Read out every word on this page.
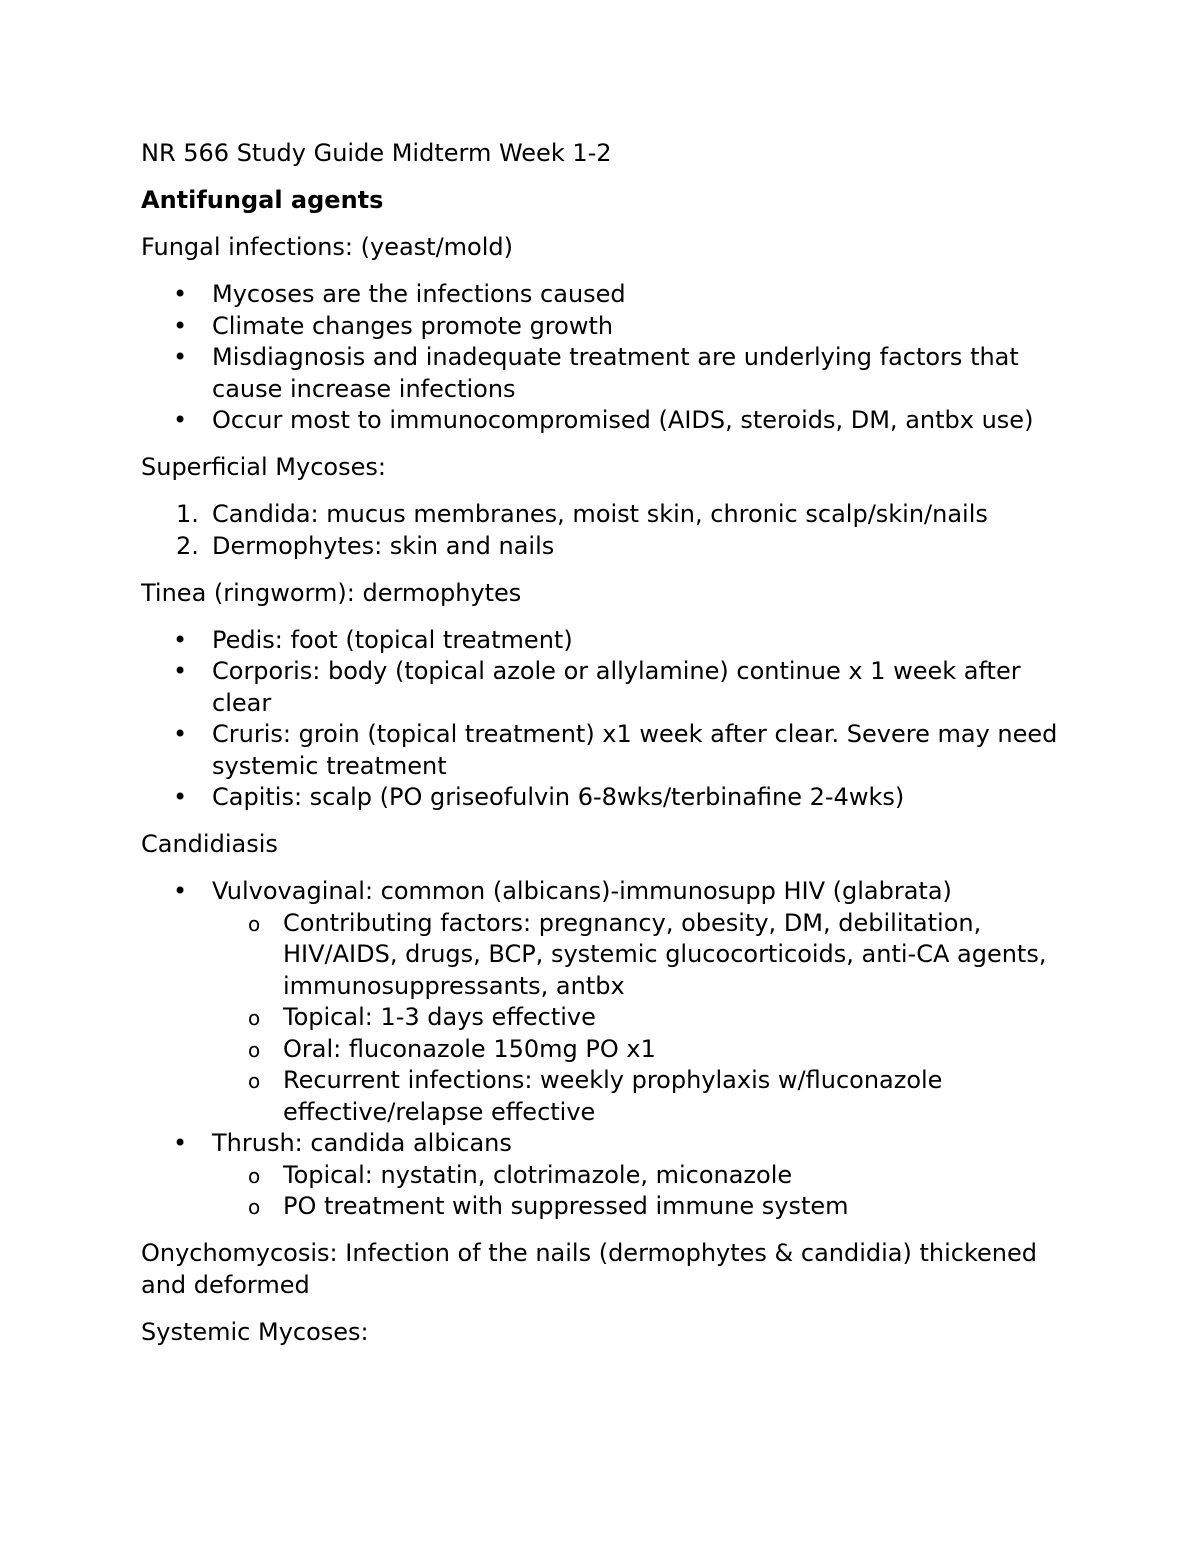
NR 566 Study Guide Midterm Week 1-2

Antifungal agents

Fungal infections: (yeast/mold)

• Mycoses are the infections caused
• Climate changes promote growth
• Misdiagnosis and inadequate treatment are underlying factors that cause increase infections
• Occur most to immunocompromised (AIDS, steroids, DM, antbx use)

Superficial Mycoses:

1. Candida: mucus membranes, moist skin, chronic scalp/skin/nails
2. Dermophytes: skin and nails

Tinea (ringworm): dermophytes

• Pedis: foot (topical treatment)
• Corporis: body (topical azole or allylamine) continue x 1 week after clear
• Cruris: groin (topical treatment) x1 week after clear. Severe may need systemic treatment
• Capitis: scalp (PO griseofulvin 6-8wks/terbinafine 2-4wks)

Candidiasis

• Vulvovaginal: common (albicans)-immunosupp HIV (glabrata)
o Contributing factors: pregnancy, obesity, DM, debilitation, HIV/AIDS, drugs, BCP, systemic glucocorticoids, anti-CA agents, immunosuppressants, antbx
o Topical: 1-3 days effective
o Oral: fluconazole 150mg PO x1
o Recurrent infections: weekly prophylaxis w/fluconazole effective/relapse effective
• Thrush: candida albicans
o Topical: nystatin, clotrimazole, miconazole
o PO treatment with suppressed immune system

Onychomycosis: Infection of the nails (dermophytes & candidia) thickened and deformed

Systemic Mycoses:
